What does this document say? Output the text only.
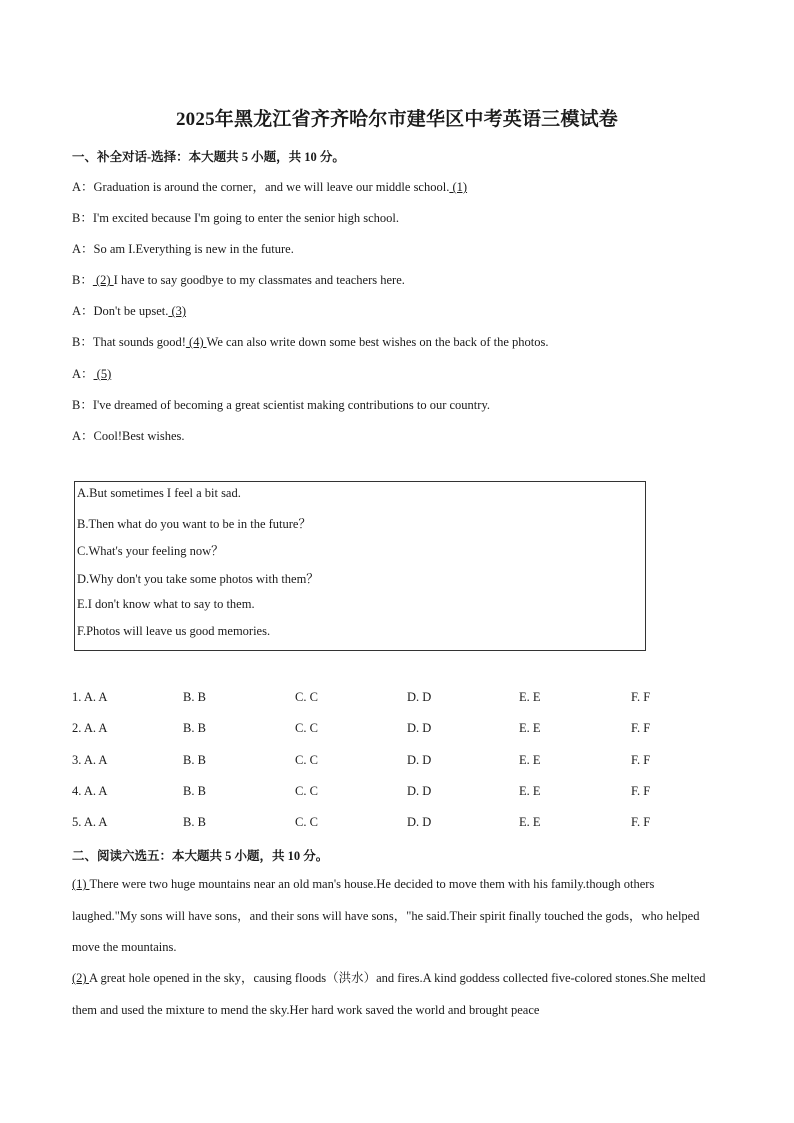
2025年黑龙江省齐齐哈尔市建华区中考英语三模试卷
一、补全对话-选择：本大题共 5 小题，共 10 分。
A：Graduation is around the corner，and we will leave our middle school. (1)
B：I'm excited because I'm going to enter the senior high school.
A：So am I.Everything is new in the future.
B： (2) I have to say goodbye to my classmates and teachers here.
A：Don't be upset. (3)
B：That sounds good! (4) We can also write down some best wishes on the back of the photos.
A： (5)
B：I've dreamed of becoming a great scientist making contributions to our country.
A：Cool!Best wishes.
A.But sometimes I feel a bit sad.
B.Then what do you want to be in the future？
C.What's your feeling now？
D.Why don't you take some photos with them？
E.I don't know what to say to them.
F.Photos will leave us good memories.
1. A. A	B. B	C. C	D. D	E. E	F. F
2. A. A	B. B	C. C	D. D	E. E	F. F
3. A. A	B. B	C. C	D. D	E. E	F. F
4. A. A	B. B	C. C	D. D	E. E	F. F
5. A. A	B. B	C. C	D. D	E. E	F. F
二、阅读六选五：本大题共 5 小题，共 10 分。
(1) There were two huge mountains near an old man's house.He decided to move them with his family.though others laughed."My sons will have sons，and their sons will have sons，"he said.Their spirit finally touched the gods，who helped move the mountains.
(2) A great hole opened in the sky，causing floods（洪水）and fires.A kind goddess collected five-colored stones.She melted them and used the mixture to mend the sky.Her hard work saved the world and brought peace
